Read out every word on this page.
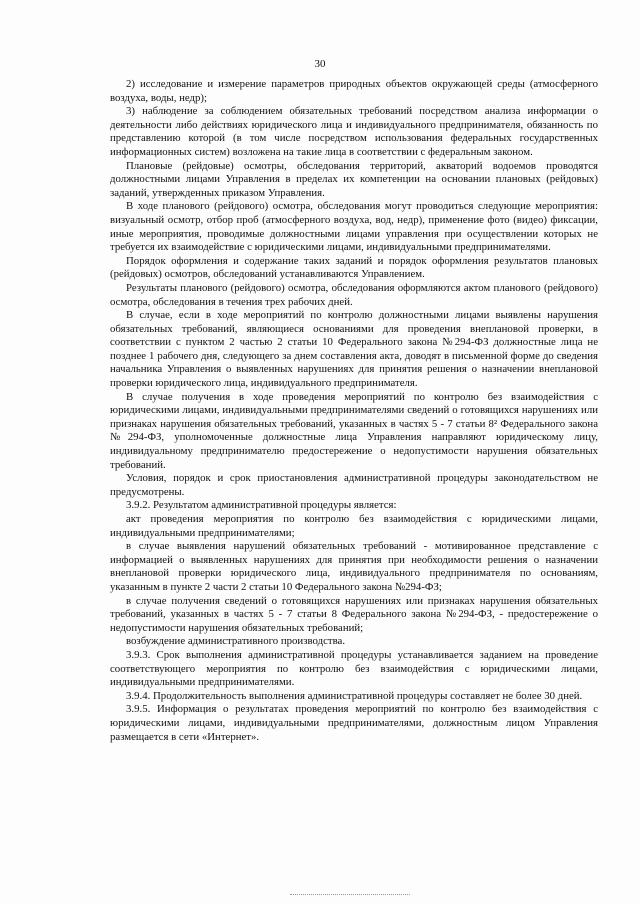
30

2) исследование и измерение параметров природных объектов окружающей среды (атмосферного воздуха, воды, недр);

3) наблюдение за соблюдением обязательных требований посредством анализа информации о деятельности либо действиях юридического лица и индивидуального предпринимателя, обязанность по представлению которой (в том числе посредством использования федеральных государственных информационных систем) возложена на такие лица в соответствии с федеральным законом.

Плановые (рейдовые) осмотры, обследования территорий, акваторий водоемов проводятся должностными лицами Управления в пределах их компетенции на основании плановых (рейдовых) заданий, утвержденных приказом Управления.

В ходе планового (рейдового) осмотра, обследования могут проводиться следующие мероприятия: визуальный осмотр, отбор проб (атмосферного воздуха, вод, недр), применение фото (видео) фиксации, иные мероприятия, проводимые должностными лицами управления при осуществлении которых не требуется их взаимодействие с юридическими лицами, индивидуальными предпринимателями.

Порядок оформления и содержание таких заданий и порядок оформления результатов плановых (рейдовых) осмотров, обследований устанавливаются Управлением.

Результаты планового (рейдового) осмотра, обследования оформляются актом планового (рейдового) осмотра, обследования в течения трех рабочих дней.

В случае, если в ходе мероприятий по контролю должностными лицами выявлены нарушения обязательных требований, являющиеся основаниями для проведения внеплановой проверки, в соответствии с пунктом 2 частью 2 статьи 10 Федерального закона №294-ФЗ должностные лица не позднее 1 рабочего дня, следующего за днем составления акта, доводят в письменной форме до сведения начальника Управления о выявленных нарушениях для принятия решения о назначении внеплановой проверки юридического лица, индивидуального предпринимателя.

В случае получения в ходе проведения мероприятий по контролю без взаимодействия с юридическими лицами, индивидуальными предпринимателями сведений о готовящихся нарушениях или признаках нарушения обязательных требований, указанных в частях 5 - 7 статьи 8² Федерального закона №294-ФЗ, уполномоченные должностные лица Управления направляют юридическому лицу, индивидуальному предпринимателю предостережение о недопустимости нарушения обязательных требований.

Условия, порядок и срок приостановления административной процедуры законодательством не предусмотрены.

3.9.2. Результатом административной процедуры является:

акт проведения мероприятия по контролю без взаимодействия с юридическими лицами, индивидуальными предпринимателями;

в случае выявления нарушений обязательных требований - мотивированное представление с информацией о выявленных нарушениях для принятия при необходимости решения о назначении внеплановой проверки юридического лица, индивидуального предпринимателя по основаниям, указанным в пункте 2 части 2 статьи 10 Федерального закона №294-ФЗ;

в случае получения сведений о готовящихся нарушениях или признаках нарушения обязательных требований, указанных в частях 5 - 7 статьи 8 Федерального закона №294-ФЗ, - предостережение о недопустимости нарушения обязательных требований;

возбуждение административного производства.

3.9.3. Срок выполнения административной процедуры устанавливается заданием на проведение соответствующего мероприятия по контролю без взаимодействия с юридическими лицами, индивидуальными предпринимателями.

3.9.4. Продолжительность выполнения административной процедуры составляет не более 30 дней.

3.9.5. Информация о результатах проведения мероприятий по контролю без взаимодействия с юридическими лицами, индивидуальными предпринимателями, должностным лицом Управления размещается в сети «Интернет».
